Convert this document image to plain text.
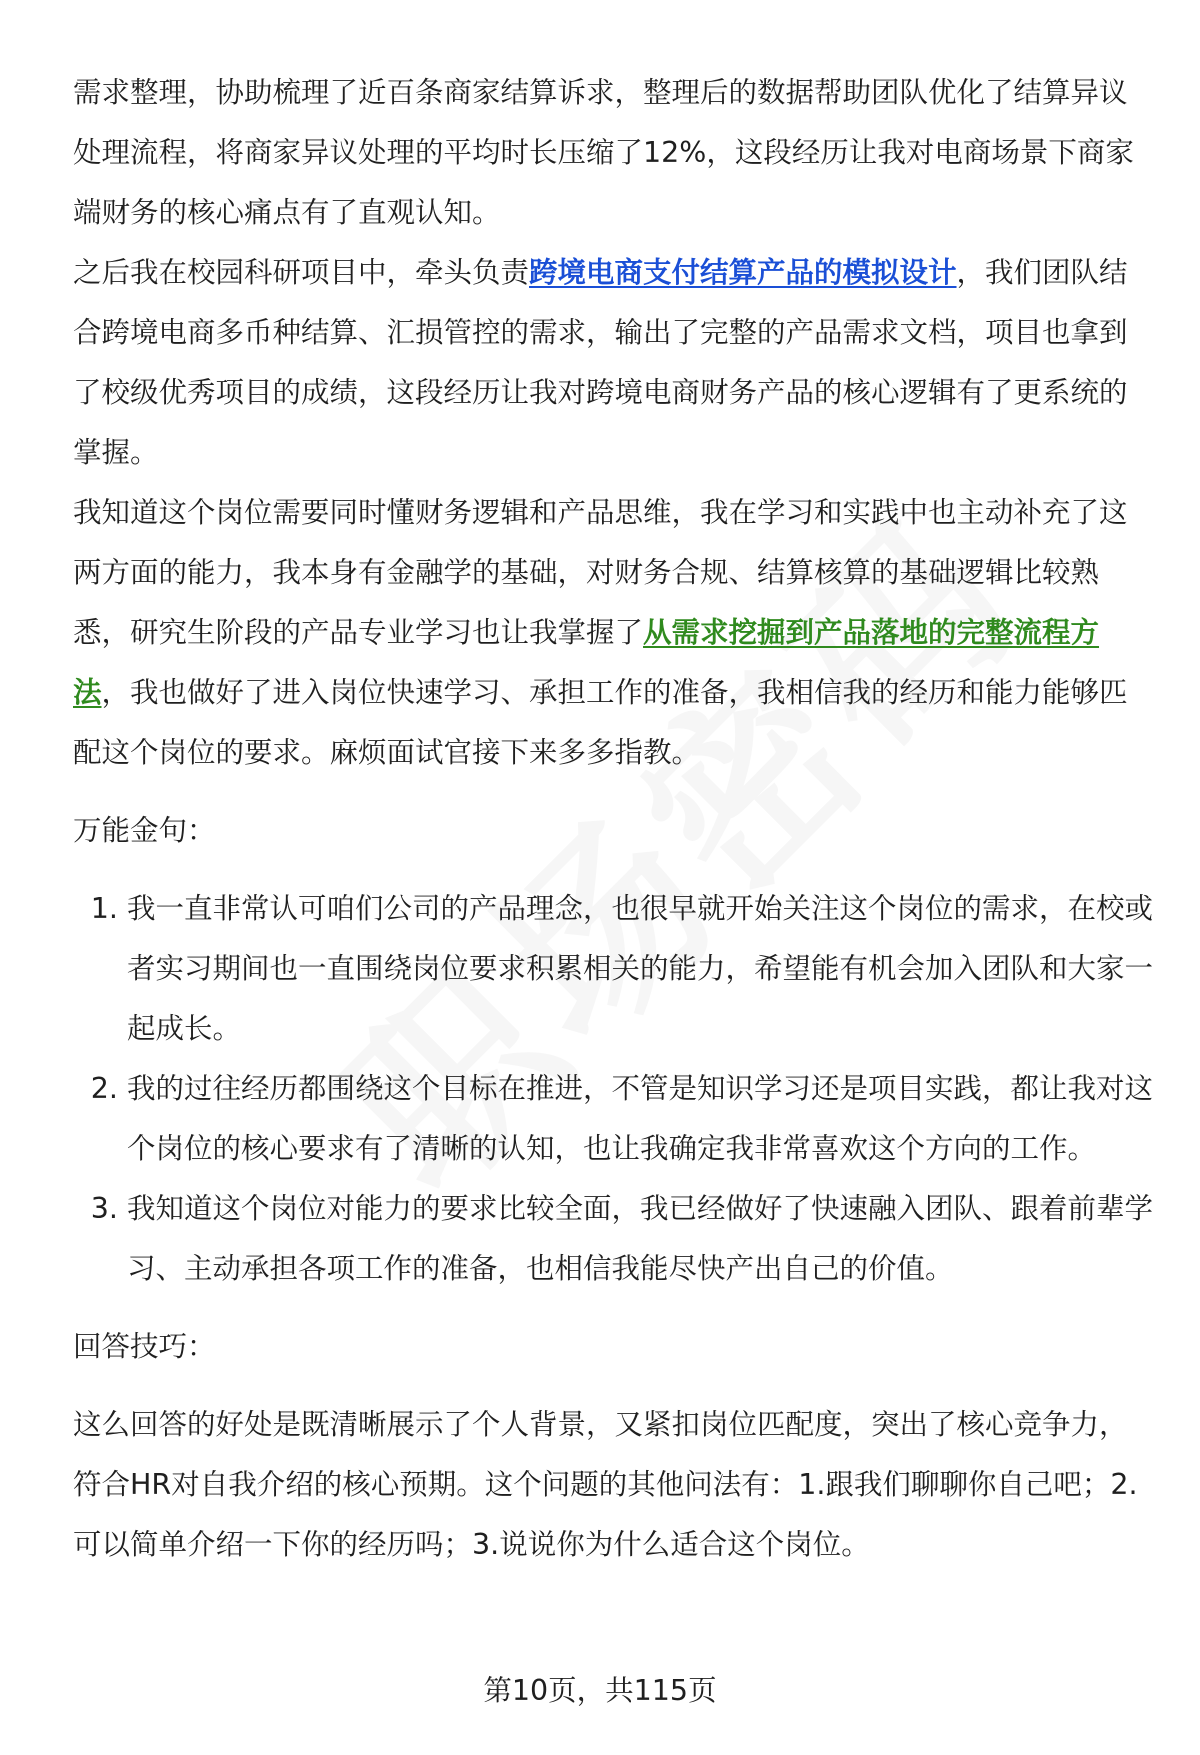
需求整理，协助梳理了近百条商家结算诉求，整理后的数据帮助团队优化了结算异议处理流程，将商家异议处理的平均时长压缩了12%，这段经历让我对电商场景下商家端财务的核心痛点有了直观认知。

之后我在校园科研项目中，牵头负责跨境电商支付结算产品的模拟设计，我们团队结合跨境电商多币种结算、汇损管控的需求，输出了完整的产品需求文档，项目也拿到了校级优秀项目的成绩，这段经历让我对跨境电商财务产品的核心逻辑有了更系统的掌握。

我知道这个岗位需要同时懂财务逻辑和产品思维，我在学习和实践中也主动补充了这两方面的能力，我本身有金融学的基础，对财务合规、结算核算的基础逻辑比较熟悉，研究生阶段的产品专业学习也让我掌握了从需求挖掘到产品落地的完整流程方法，我也做好了进入岗位快速学习、承担工作的准备，我相信我的经历和能力能够匹配这个岗位的要求。麻烦面试官接下来多多指教。

万能金句：

1. 我一直非常认可咱们公司的产品理念，也很早就开始关注这个岗位的需求，在校或者实习期间也一直围绕岗位要求积累相关的能力，希望能有机会加入团队和大家一起成长。
2. 我的过往经历都围绕这个目标在推进，不管是知识学习还是项目实践，都让我对这个岗位的核心要求有了清晰的认知，也让我确定我非常喜欢这个方向的工作。
3. 我知道这个岗位对能力的要求比较全面，我已经做好了快速融入团队、跟着前辈学习、主动承担各项工作的准备，也相信我能尽快产出自己的价值。

回答技巧：

这么回答的好处是既清晰展示了个人背景，又紧扣岗位匹配度，突出了核心竞争力，符合HR对自我介绍的核心预期。这个问题的其他问法有：1.跟我们聊聊你自己吧；2.可以简单介绍一下你的经历吗；3.说说你为什么适合这个岗位。

第10页，共115页
